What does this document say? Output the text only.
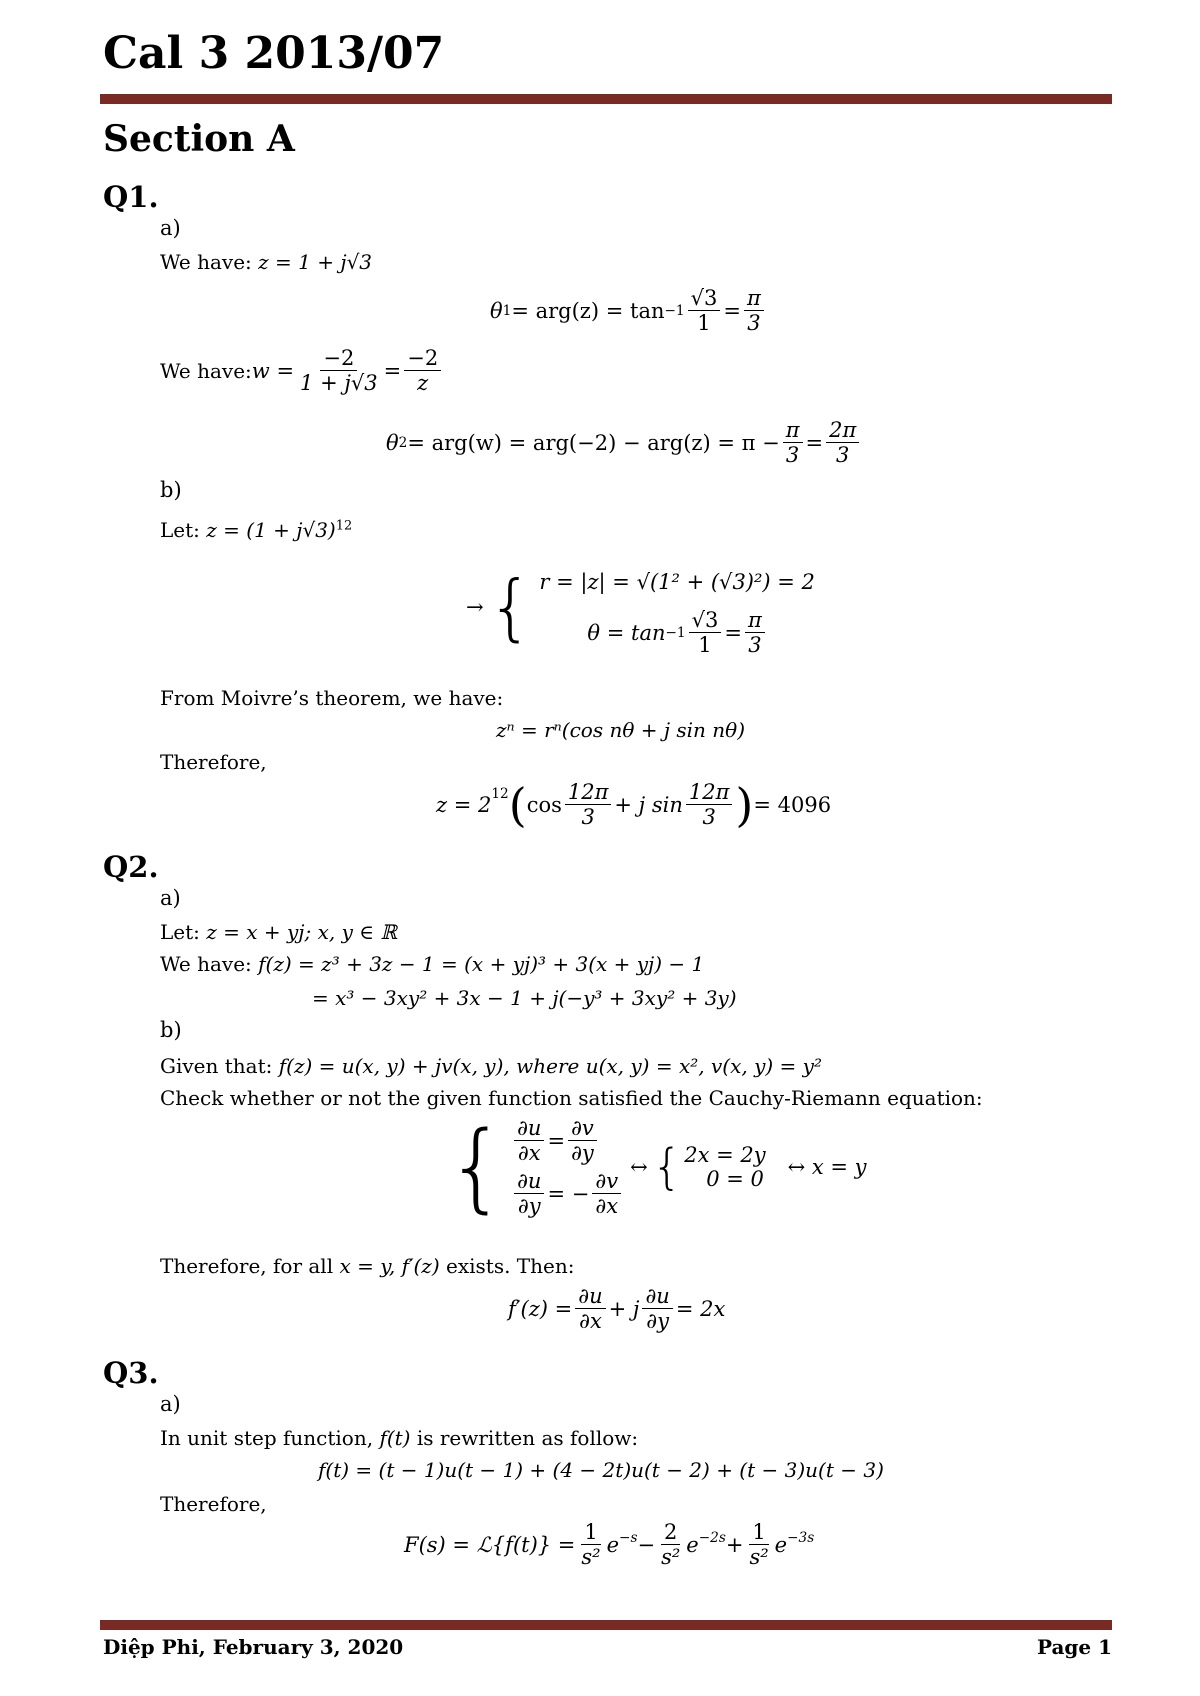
Cal 3 2013/07
Section A
Q1.
a)
We have: z = 1 + j√3
θ $1 = arg(z) = \tan -1 \frac{√3}{1} = \frac{\pi}{3}$
We have: $w = \frac{-2}{1 + j√3} = \frac{-2}{z}$
θ $2 = arg(w) = arg(-2) - arg(z) = \pi - \frac{\pi}{3} = \frac{2\pi}{3}$
b)
Let: $z = (1 + j√3)^{12}$
→ { r = |z| = √(1² + (√3)²) = 2
$\theta = \tan -1 \frac{√3}{1} = \frac{\pi}{3}$
From Moivre’s theorem, we have:
zⁿ = rⁿ(cos nθ + j sin nθ)
Therefore,
$z = 2^{12}$ ( $\cos \frac{12\pi}{3} + j$ $\sin \frac{12\pi}{3}$ ) = 4096
Q2.
a)
Let: z = x + yj; x, y ∈ ℝ
We have: f(z) = z³ + 3z − 1 = (x + yj)³ + 3(x + yj) − 1
= x³ − 3xy² + 3x − 1 + j(−y³ + 3xy² + 3y)
b)
Given that: f(z) = u(x, y) + jv(x, y), where u(x, y) = x², v(x, y) = y²
Check whether or not the given function satisfied the Cauchy-Riemann equation:
{ $\frac{\partial u}{\partial x} = \frac{\partial v}{\partial y}$
$\frac{\partial u}{\partial y}$ = − $\frac{\partial v}{\partial x}$
↔ { 2x = 2y
0 = 0 ↔ x = y
Therefore, for all x = y, f′(z) exists. Then:
$f'(z) = \frac{\partial u}{\partial x} + j \frac{\partial u}{\partial y} = 2x$
Q3.
a)
In unit step function, f(t) is rewritten as follow:
f(t) = (t − 1)u(t − 1) + (4 − 2t)u(t − 2) + (t − 3)u(t − 3)
Therefore,
F(s) = ℒ{f(t)} = $\frac{1}{\text{s²}} e^{-s} - \frac{2}{\text{s²}} e^{-2s} + \frac{1}{\text{s²}} e^{-3s}$
Diệp Phi, February 3, 2020	Page 1
